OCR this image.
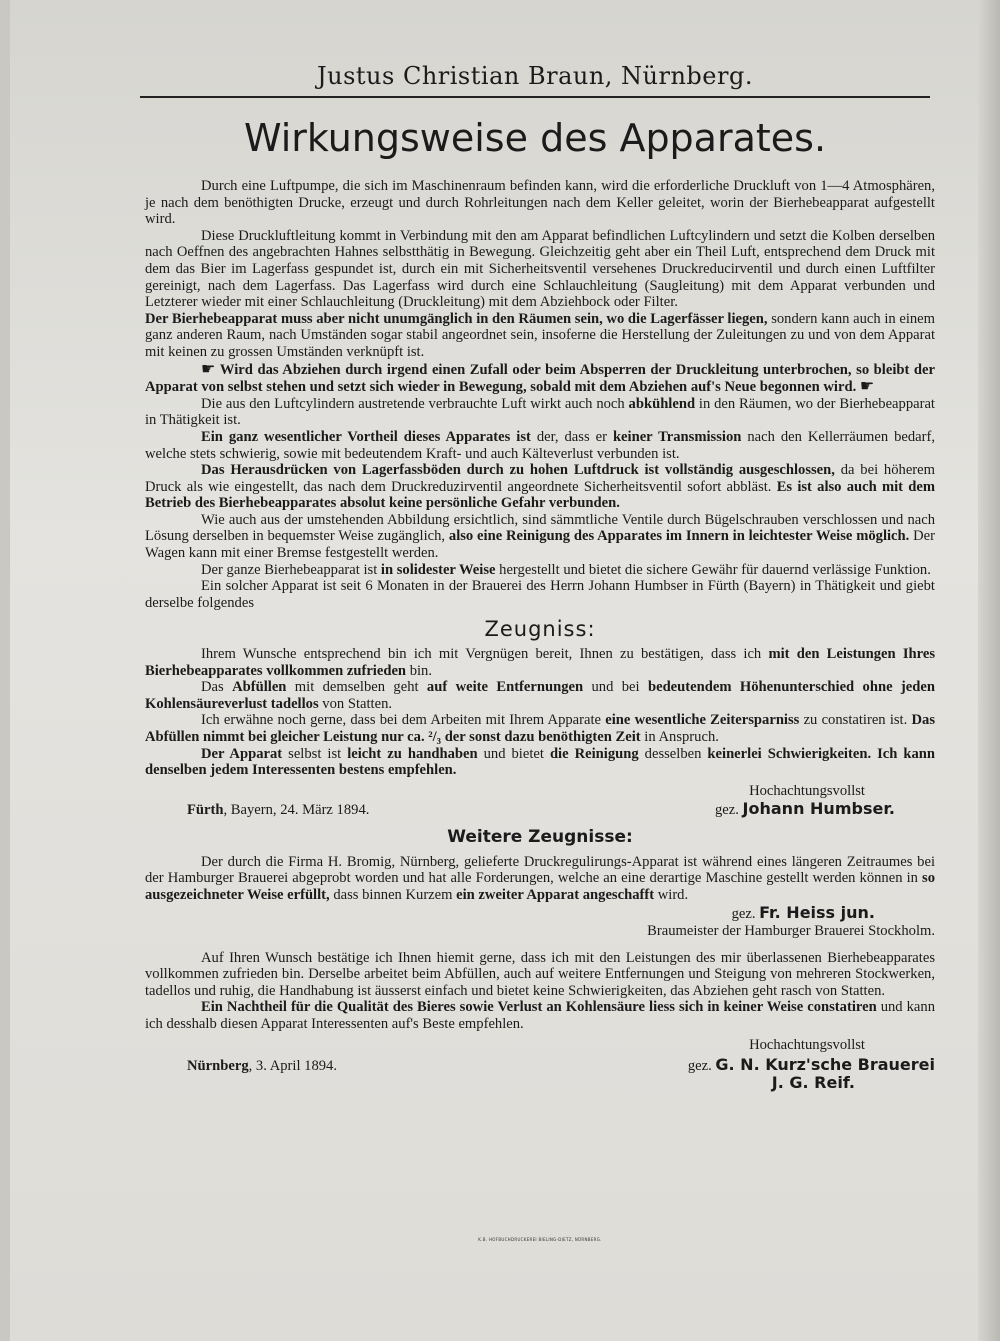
Justus Christian Braun, Nürnberg.
Wirkungsweise des Apparates.

Durch eine Luftpumpe, die sich im Maschinenraum befinden kann, wird die erforderliche Druckluft von 1—4 Atmosphären, je nach dem benöthigten Drucke, erzeugt und durch Rohrleitungen nach dem Keller geleitet, worin der Bierhebeapparat aufgestellt wird.

Diese Druckluftleitung kommt in Verbindung mit den am Apparat befindlichen Luftcylindern und setzt die Kolben derselben nach Oeffnen des angebrachten Hahnes selbstthätig in Bewegung. Gleichzeitig geht aber ein Theil Luft, entsprechend dem Druck mit dem das Bier im Lagerfass gespundet ist, durch ein mit Sicherheitsventil versehenes Druckreducirventil und durch einen Luftfilter gereinigt, nach dem Lagerfass. Das Lagerfass wird durch eine Schlauchleitung (Saugleitung) mit dem Apparat verbunden und Letzterer wieder mit einer Schlauchleitung (Druckleitung) mit dem Abziehbock oder Filter.

Der Bierhebeapparat muss aber nicht unumgänglich in den Räumen sein, wo die Lagerfässer liegen, sondern kann auch in einem ganz anderen Raum, nach Umständen sogar stabil angeordnet sein, insoferne die Herstellung der Zuleitungen zu und von dem Apparat mit keinen zu grossen Umständen verknüpft ist.

☛ Wird das Abziehen durch irgend einen Zufall oder beim Absperren der Druckleitung unterbrochen, so bleibt der Apparat von selbst stehen und setzt sich wieder in Bewegung, sobald mit dem Abziehen auf's Neue begonnen wird. ☛

Die aus den Luftcylindern austretende verbrauchte Luft wirkt auch noch abkühlend in den Räumen, wo der Bierhebeapparat in Thätigkeit ist.

Ein ganz wesentlicher Vortheil dieses Apparates ist der, dass er keiner Transmission nach den Kellerräumen bedarf, welche stets schwierig, sowie mit bedeutendem Kraft- und auch Kälteverlust verbunden ist.

Das Herausdrücken von Lagerfassböden durch zu hohen Luftdruck ist vollständig ausgeschlossen, da bei höherem Druck als wie eingestellt, das nach dem Druckreduzirventil angeordnete Sicherheitsventil sofort abbläst. Es ist also auch mit dem Betrieb des Bierhebeapparates absolut keine persönliche Gefahr verbunden.

Wie auch aus der umstehenden Abbildung ersichtlich, sind sämmtliche Ventile durch Bügelschrauben verschlossen und nach Lösung derselben in bequemster Weise zugänglich, also eine Reinigung des Apparates im Innern in leichtester Weise möglich. Der Wagen kann mit einer Bremse festgestellt werden.

Der ganze Bierhebeapparat ist in solidester Weise hergestellt und bietet die sichere Gewähr für dauernd verlässige Funktion.

Ein solcher Apparat ist seit 6 Monaten in der Brauerei des Herrn Johann Humbser in Fürth (Bayern) in Thätigkeit und giebt derselbe folgendes

Zeugniss:

Ihrem Wunsche entsprechend bin ich mit Vergnügen bereit, Ihnen zu bestätigen, dass ich mit den Leistungen Ihres Bierhebeapparates vollkommen zufrieden bin.

Das Abfüllen mit demselben geht auf weite Entfernungen und bei bedeutendem Höhenunterschied ohne jeden Kohlensäureverlust tadellos von Statten.

Ich erwähne noch gerne, dass bei dem Arbeiten mit Ihrem Apparate eine wesentliche Zeitersparniss zu constatiren ist. Das Abfüllen nimmt bei gleicher Leistung nur ca. ²/₃ der sonst dazu benöthigten Zeit in Anspruch.

Der Apparat selbst ist leicht zu handhaben und bietet die Reinigung desselben keinerlei Schwierigkeiten. Ich kann denselben jedem Interessenten bestens empfehlen.

Hochachtungsvollst
Fürth, Bayern, 24. März 1894.	gez. Johann Humbser.
Weitere Zeugnisse:

Der durch die Firma H. Bromig, Nürnberg, gelieferte Druckregulirungs-Apparat ist während eines längeren Zeitraumes bei der Hamburger Brauerei abgeprobt worden und hat alle Forderungen, welche an eine derartige Maschine gestellt werden können in so ausgezeichneter Weise erfüllt, dass binnen Kurzem ein zweiter Apparat angeschafft wird.

gez. Fr. Heiss jun.
Braumeister der Hamburger Brauerei Stockholm.

Auf Ihren Wunsch bestätige ich Ihnen hiemit gerne, dass ich mit den Leistungen des mir überlassenen Bierhebeapparates vollkommen zufrieden bin. Derselbe arbeitet beim Abfüllen, auch auf weitere Entfernungen und Steigung von mehreren Stockwerken, tadellos und ruhig, die Handhabung ist äusserst einfach und bietet keine Schwierigkeiten, das Abziehen geht rasch von Statten.

Ein Nachtheil für die Qualität des Bieres sowie Verlust an Kohlensäure liess sich in keiner Weise constatiren und kann ich desshalb diesen Apparat Interessenten auf's Beste empfehlen.

Hochachtungsvollst
Nürnberg, 3. April 1894.	gez. G. N. Kurz'sche Brauerei
J. G. Reif.
K.B. HOFBUCHDRUCKEREI BIELING-DIETZ, NÜRNBERG.
